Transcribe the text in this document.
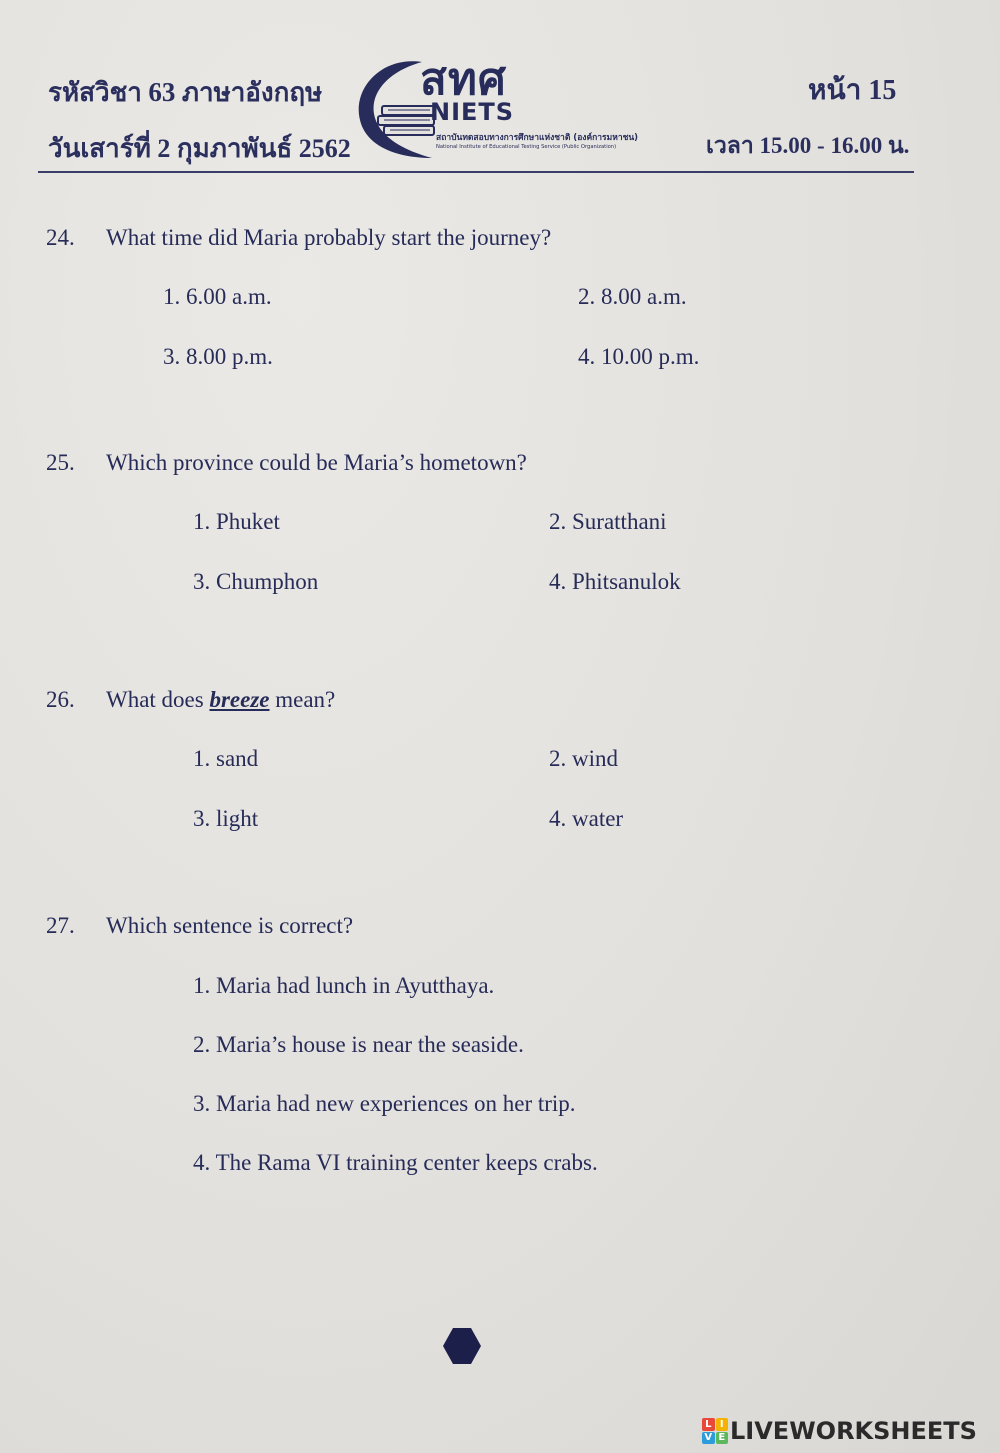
รหัสวิชา 63 ภาษาอังกฤษ
วันเสาร์ที่ 2 กุมภาพันธ์ 2562
หน้า 15
เวลา 15.00 - 16.00 น.
สทศ
NIETS
สถาบันทดสอบทางการศึกษาแห่งชาติ (องค์การมหาชน)
National Institute of Educational Testing Service (Public Organization)
24. What time did Maria probably start the journey?
1. 6.00 a.m.	2. 8.00 a.m.
3. 8.00 p.m.	4. 10.00 p.m.
25. Which province could be Maria’s hometown?
1. Phuket	2. Suratthani
3. Chumphon	4. Phitsanulok
26. What does breeze mean?
1. sand	2. wind
3. light	4. water
27. Which sentence is correct?
1. Maria had lunch in Ayutthaya.
2. Maria’s house is near the seaside.
3. Maria had new experiences on her trip.
4. The Rama VI training center keeps crabs.
L I
V E LIVEWORKSHEETS
